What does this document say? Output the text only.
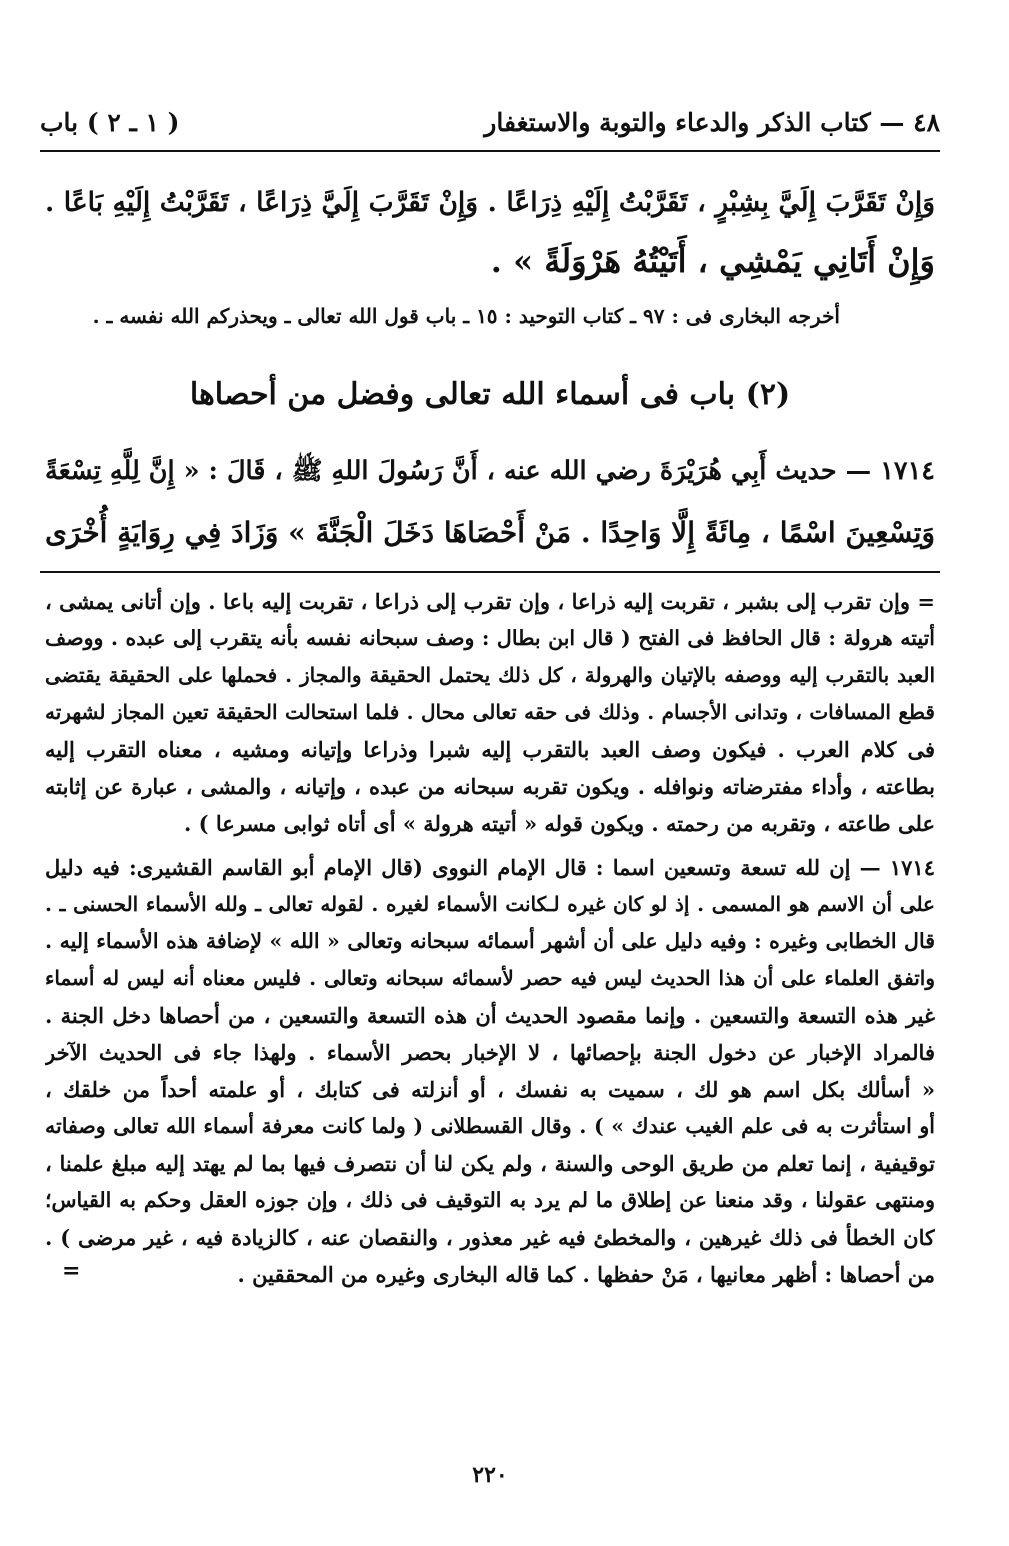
٤٨ — كتاب الذكر والدعاء والتوبة والاستغفار
( ١ ـ ٢ ) باب
وَإِنْ تَقَرَّبَ إِلَيَّ بِشِبْرٍ ، تَقَرَّبْتُ إِلَيْهِ ذِرَاعًا . وَإِنْ تَقَرَّبَ إِلَيَّ ذِرَاعًا ، تَقَرَّبْتُ إِلَيْهِ بَاعًا .
وَإِنْ أَتَانِي يَمْشِي ، أَتَيْتُهُ هَرْوَلَةً » .
أخرجه البخارى فى : ٩٧ ـ كتاب التوحيد : ١٥ ـ باب قول الله تعالى ـ ويحذركم الله نفسه ـ .
(٢) باب فى أسماء الله تعالى وفضل من أحصاها
١٧١٤ — حديث أَبِي هُرَيْرَةَ رضي الله عنه ، أَنَّ رَسُولَ اللهِ ﷺ ، قَالَ : « إِنَّ لِلَّهِ تِسْعَةً
وَتِسْعِينَ اسْمًا ، مِائَةً إِلَّا وَاحِدًا . مَنْ أَحْصَاهَا دَخَلَ الْجَنَّةَ » وَزَادَ فِي رِوَايَةٍ أُخْرَى
= وإن تقرب إلى بشبر ، تقربت إليه ذراعا ، وإن تقرب إلى ذراعا ، تقربت إليه باعا . وإن أتانى يمشى ،
أتيته هرولة : قال الحافظ فى الفتح ( قال ابن بطال : وصف سبحانه نفسه بأنه يتقرب إلى عبده . ووصف
العبد بالتقرب إليه ووصفه بالإتيان والهرولة ، كل ذلك يحتمل الحقيقة والمجاز . فحملها على الحقيقة يقتضى
قطع المسافات ، وتدانى الأجسام . وذلك فى حقه تعالى محال . فلما استحالت الحقيقة تعين المجاز لشهرته
فى كلام العرب . فيكون وصف العبد بالتقرب إليه شبرا وذراعا وإتيانه ومشيه ، معناه التقرب إليه
بطاعته ، وأداء مفترضاته ونوافله . ويكون تقربه سبحانه من عبده ، وإتيانه ، والمشى ، عبارة عن إثابته
على طاعته ، وتقربه من رحمته . ويكون قوله « أتيته هرولة » أى أتاه ثوابى مسرعا ) .
١٧١٤ — إن لله تسعة وتسعين اسما : قال الإمام النووى (قال الإمام أبو القاسم القشيرى: فيه دليل
على أن الاسم هو المسمى . إذ لو كان غيره لـكانت الأسماء لغيره . لقوله تعالى ـ ولله الأسماء الحسنى ـ .
قال الخطابى وغيره : وفيه دليل على أن أشهر أسمائه سبحانه وتعالى « الله » لإضافة هذه الأسماء إليه .
واتفق العلماء على أن هذا الحديث ليس فيه حصر لأسمائه سبحانه وتعالى . فليس معناه أنه ليس له أسماء
غير هذه التسعة والتسعين . وإنما مقصود الحديث أن هذه التسعة والتسعين ، من أحصاها دخل الجنة .
فالمراد الإخبار عن دخول الجنة بإحصائها ، لا الإخبار بحصر الأسماء . ولهذا جاء فى الحديث الآخر
« أسألك بكل اسم هو لك ، سميت به نفسك ، أو أنزلته فى كتابك ، أو علمته أحداً من خلقك ،
أو استأثرت به فى علم الغيب عندك » ) . وقال القسطلانى ( ولما كانت معرفة أسماء الله تعالى وصفاته
توقيفية ، إنما تعلم من طريق الوحى والسنة ، ولم يكن لنا أن نتصرف فيها بما لم يهتد إليه مبلغ علمنا ،
ومنتهى عقولنا ، وقد منعنا عن إطلاق ما لم يرد به التوقيف فى ذلك ، وإن جوزه العقل وحكم به القياس؛
كان الخطأ فى ذلك غيرهين ، والمخطئ فيه غير معذور ، والنقصان عنه ، كالزيادة فيه ، غير مرضى ) .
من أحصاها : أظهر معانيها ، مَنْ حفظها . كما قاله البخارى وغيره من المحققين .
=
٢٢٠
